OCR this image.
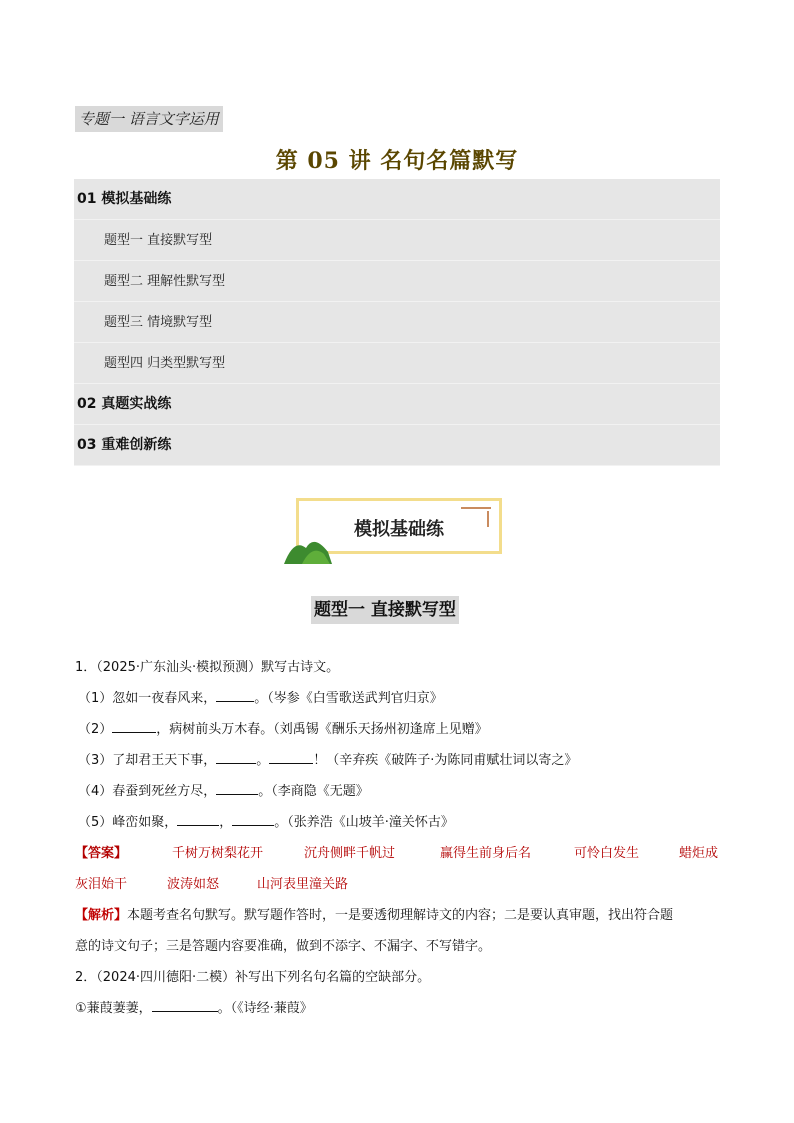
专题一 语言文字运用
第 05 讲 名句名篇默写
01 模拟基础练
题型一 直接默写型
题型二 理解性默写型
题型三 情境默写型
题型四 归类型默写型
02 真题实战练
03 重难创新练
模拟基础练
题型一 直接默写型
1．（2025·广东汕头·模拟预测）默写古诗文。
（1）忽如一夜春风来，	。（岑参《白雪歌送武判官归京》
（2）	，病树前头万木春。（刘禹锡《酬乐天扬州初逢席上见赠》
（3）了却君王天下事，	。	！（辛弃疾《破阵子·为陈同甫赋壮词以寄之》
（4）春蚕到死丝方尽，	。（李商隐《无题》
（5）峰峦如聚，	，	。（张养浩《山坡羊·潼关怀古》
【答案】	千树万树梨花开	沉舟侧畔千帆过	赢得生前身后名	可怜白发生	蜡炬成
灰泪始干	波涛如怒	山河表里潼关路
【解析】本题考查名句默写。默写题作答时，一是要透彻理解诗文的内容；二是要认真审题，找出符合题
意的诗文句子；三是答题内容要准确，做到不添字、不漏字、不写错字。
2．（2024·四川德阳·二模）补写出下列名句名篇的空缺部分。
①蒹葭萋萋，	。（《诗经·蒹葭》
